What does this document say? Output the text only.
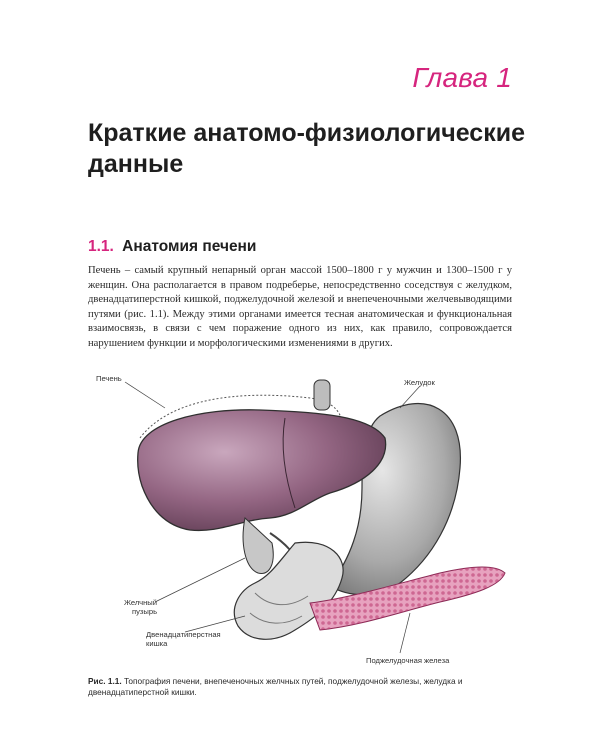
Глава 1
Краткие анатомо-физиологические
данные
1.1. Анатомия печени
Печень – самый крупный непарный орган массой 1500–1800 г у мужчин и 1300–1500 г у женщин. Она располагается в правом подреберье, непосредственно соседствуя с желудком, двенадцатиперстной кишкой, поджелудочной железой и внепеченочными желчевыводящими путями (рис. 1.1). Между этими органами имеется тесная анатомическая и функциональная взаимосвязь, в связи с чем поражение одного из них, как правило, сопровождается нарушением функции и морфологическими изменениями в других.
Печень	Желудок
Желчный
пузырь
Двенадцатиперстная
кишка
Поджелудочная железа
Рис. 1.1. Топография печени, внепеченочных желчных путей, поджелудочной железы, желудка и двенадцатиперстной кишки.
